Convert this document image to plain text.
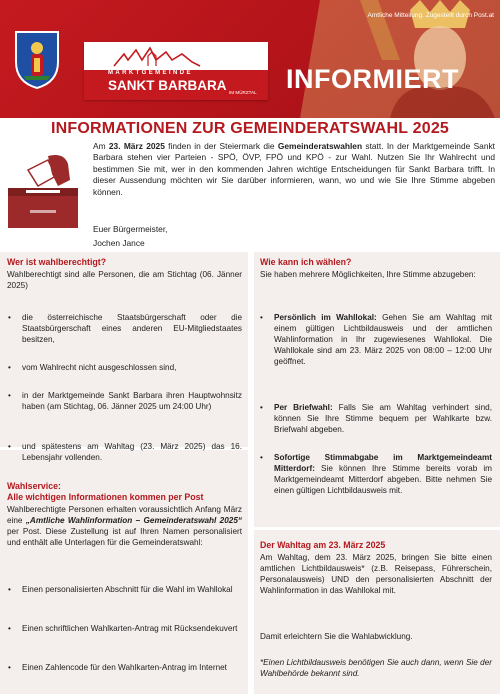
Amtliche Mitteilung. Zugestellt durch Post.at
MARKTGEMEINDE
SANKT BARBARA IM MÜRZTAL INFORMIERT
INFORMATIONEN ZUR GEMEINDERATSWAHL 2025
Am 23. März 2025 finden in der Steiermark die Gemeinderatswahlen statt. In der Marktgemeinde Sankt Barbara stehen vier Parteien - SPÖ, ÖVP, FPÖ und KPÖ - zur Wahl. Nutzen Sie Ihr Wahlrecht und bestimmen Sie mit, wer in den kommenden Jahren wichtige Entscheidungen für Sankt Barbara trifft. In dieser Aussendung möchten wir Sie darüber informieren, wann, wo und wie Sie Ihre Stimme abgeben können.
Euer Bürgermeister,
Jochen Jance
Wer ist wahlberechtigt?
Wahlberechtigt sind alle Personen, die am Stichtag (06. Jänner 2025)
• die österreichische Staatsbürgerschaft oder die Staatsbürgerschaft eines anderen EU-Mitgliedstaates besitzen,
• vom Wahlrecht nicht ausgeschlossen sind,
• in der Marktgemeinde Sankt Barbara ihren Hauptwohnsitz haben (am Stichtag, 06. Jänner 2025 um 24:00 Uhr)
• und spätestens am Wahltag (23. März 2025) das 16. Lebensjahr vollenden.
Wahlservice:
Alle wichtigen Informationen kommen per Post
Wahlberechtigte Personen erhalten voraussichtlich Anfang März eine „Amtliche Wahlinformation – Gemeinderatswahl 2025“ per Post. Diese Zustellung ist auf Ihren Namen personalisiert und enthält alle Unterlagen für die Gemeinderatswahl:
• Einen personalisierten Abschnitt für die Wahl im Wahllokal
• Einen schriftlichen Wahlkarten-Antrag mit Rücksendekuvert
• Einen Zahlencode für den Wahlkarten-Antrag im Internet
Wie kann ich wählen?
Sie haben mehrere Möglichkeiten, Ihre Stimme abzugeben:
• Persönlich im Wahllokal: Gehen Sie am Wahltag mit einem gültigen Lichtbildausweis und der amtlichen Wahlinformation in Ihr zugewiesenes Wahllokal. Die Wahllokale sind am 23. März 2025 von 08:00 – 12:00 Uhr geöffnet.
• Per Briefwahl: Falls Sie am Wahltag verhindert sind, können Sie Ihre Stimme bequem per Wahlkarte bzw. Briefwahl abgeben.
• Sofortige Stimmabgabe im Marktgemeindeamt Mitterdorf: Sie können Ihre Stimme bereits vorab im Marktgemeindeamt Mitterdorf abgeben. Bitte nehmen Sie einen gültigen Lichtbildausweis mit.
Der Wahltag am 23. März 2025
Am Wahltag, dem 23. März 2025, bringen Sie bitte einen amtlichen Lichtbildausweis* (z.B. Reisepass, Führerschein, Personalausweis) UND den personalisierten Abschnitt der Wahlinformation in das Wahllokal mit.
Damit erleichtern Sie die Wahlabwicklung.
*Einen Lichtbildausweis benötigen Sie auch dann, wenn Sie der Wahlbehörde bekannt sind.
